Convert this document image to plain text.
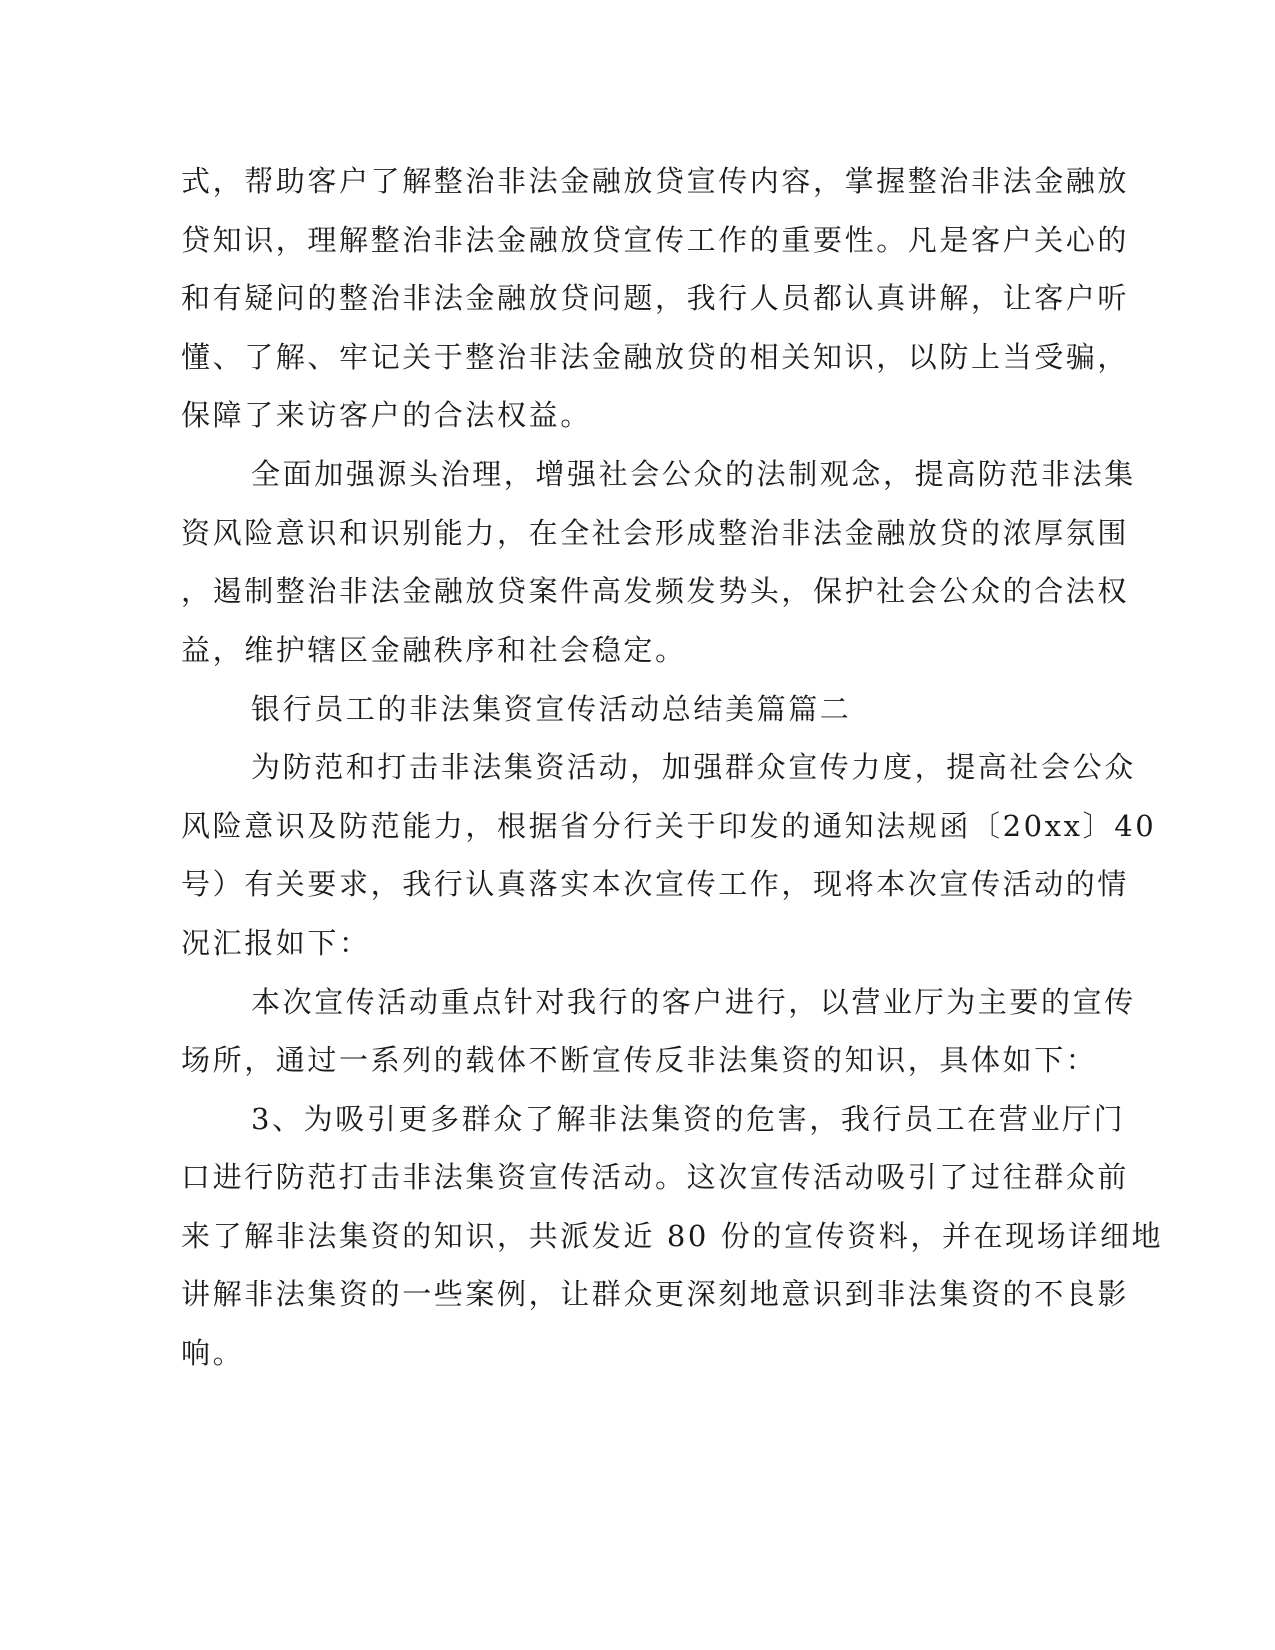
式，帮助客户了解整治非法金融放贷宣传内容，掌握整治非法金融放
贷知识，理解整治非法金融放贷宣传工作的重要性。凡是客户关心的
和有疑问的整治非法金融放贷问题，我行人员都认真讲解，让客户听
懂、了解、牢记关于整治非法金融放贷的相关知识，以防上当受骗，
保障了来访客户的合法权益。
全面加强源头治理，增强社会公众的法制观念，提高防范非法集
资风险意识和识别能力，在全社会形成整治非法金融放贷的浓厚氛围
，遏制整治非法金融放贷案件高发频发势头，保护社会公众的合法权
益，维护辖区金融秩序和社会稳定。
银行员工的非法集资宣传活动总结美篇篇二
为防范和打击非法集资活动，加强群众宣传力度，提高社会公众
风险意识及防范能力，根据省分行关于印发的通知法规函〔20xx〕40
号）有关要求，我行认真落实本次宣传工作，现将本次宣传活动的情
况汇报如下：
本次宣传活动重点针对我行的客户进行，以营业厅为主要的宣传
场所，通过一系列的载体不断宣传反非法集资的知识，具体如下：
3、为吸引更多群众了解非法集资的危害，我行员工在营业厅门
口进行防范打击非法集资宣传活动。这次宣传活动吸引了过往群众前
来了解非法集资的知识，共派发近 80 份的宣传资料，并在现场详细地
讲解非法集资的一些案例，让群众更深刻地意识到非法集资的不良影
响。
